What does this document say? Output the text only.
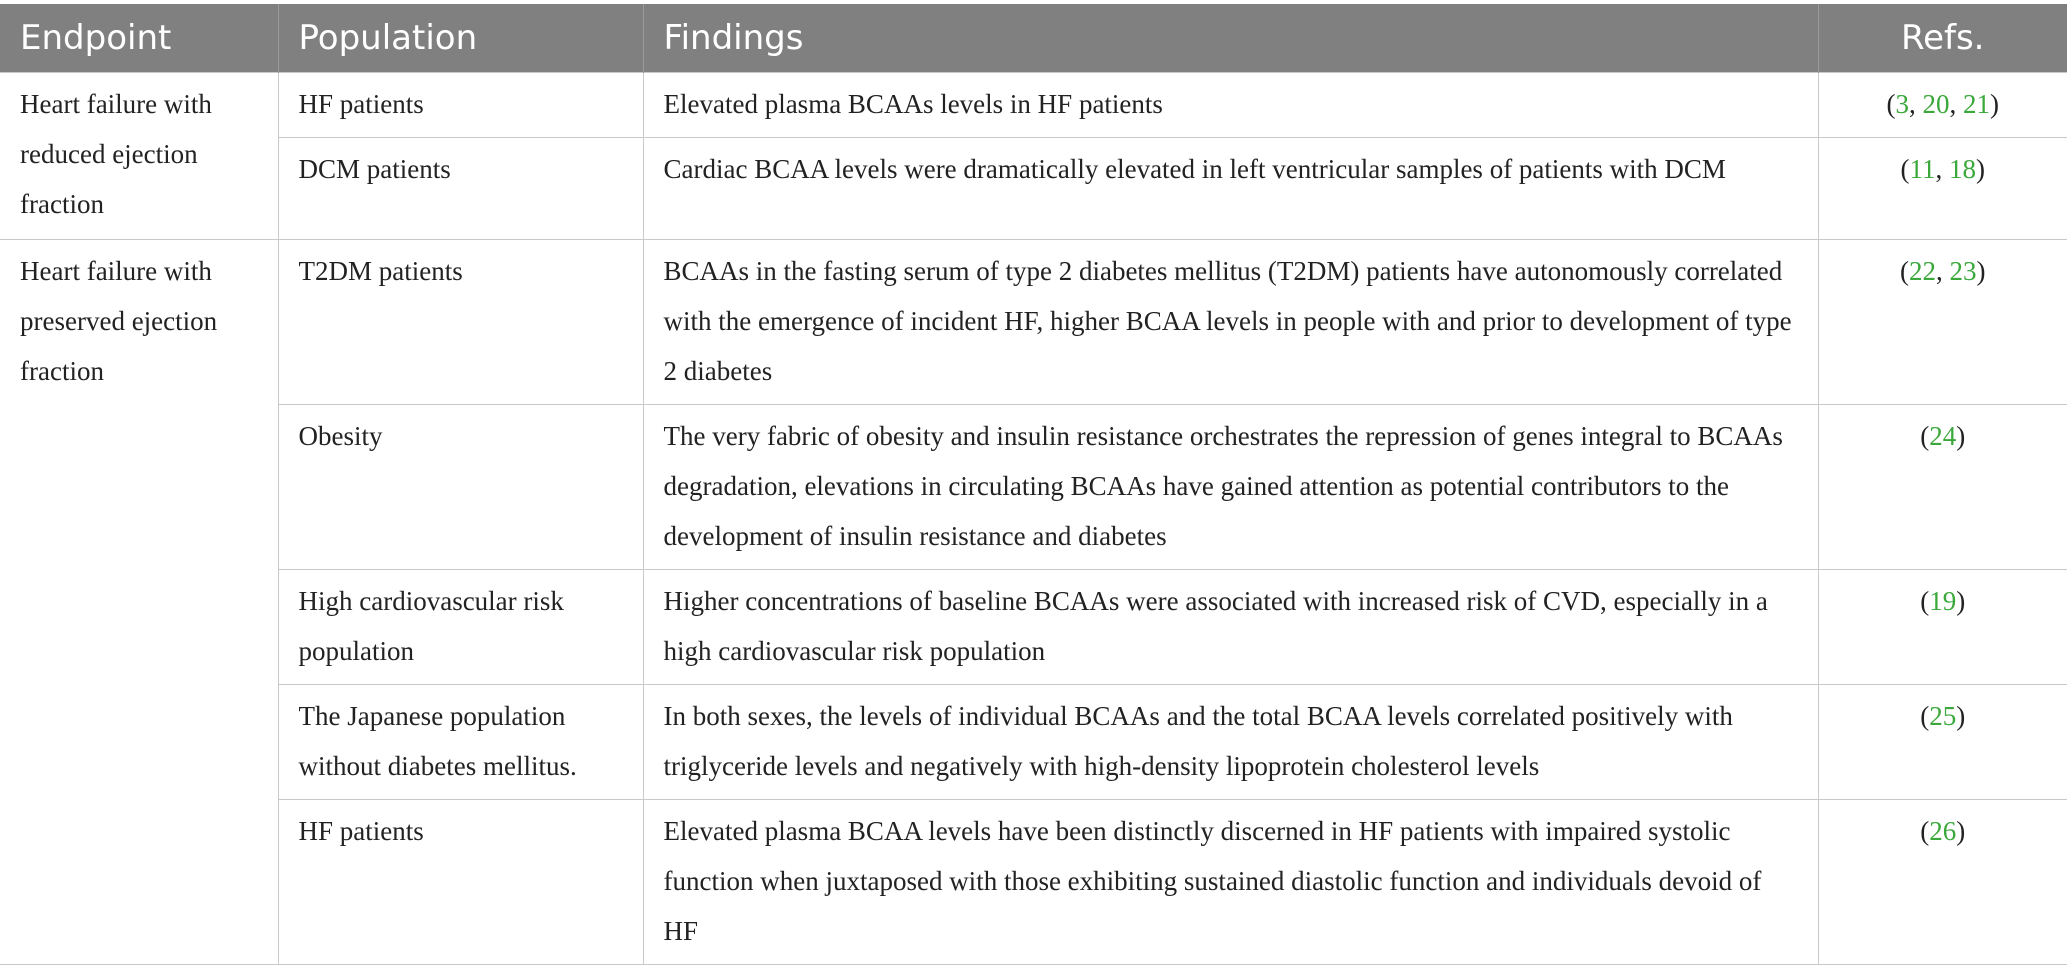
Endpoint	Population	Findings	Refs.
Heart failure with reduced ejection fraction	HF patients	Elevated plasma BCAAs levels in HF patients	(3, 20, 21)
	DCM patients	Cardiac BCAA levels were dramatically elevated in left ventricular samples of patients with DCM	(11, 18)
Heart failure with preserved ejection fraction	T2DM patients	BCAAs in the fasting serum of type 2 diabetes mellitus (T2DM) patients have autonomously correlated with the emergence of incident HF, higher BCAA levels in people with and prior to development of type 2 diabetes	(22, 23)
	Obesity	The very fabric of obesity and insulin resistance orchestrates the repression of genes integral to BCAAs degradation, elevations in circulating BCAAs have gained attention as potential contributors to the development of insulin resistance and diabetes	(24)
	High cardiovascular risk population	Higher concentrations of baseline BCAAs were associated with increased risk of CVD, especially in a high cardiovascular risk population	(19)
	The Japanese population without diabetes mellitus.	In both sexes, the levels of individual BCAAs and the total BCAA levels correlated positively with triglyceride levels and negatively with high-density lipoprotein cholesterol levels	(25)
	HF patients	Elevated plasma BCAA levels have been distinctly discerned in HF patients with impaired systolic function when juxtaposed with those exhibiting sustained diastolic function and individuals devoid of HF	(26)
